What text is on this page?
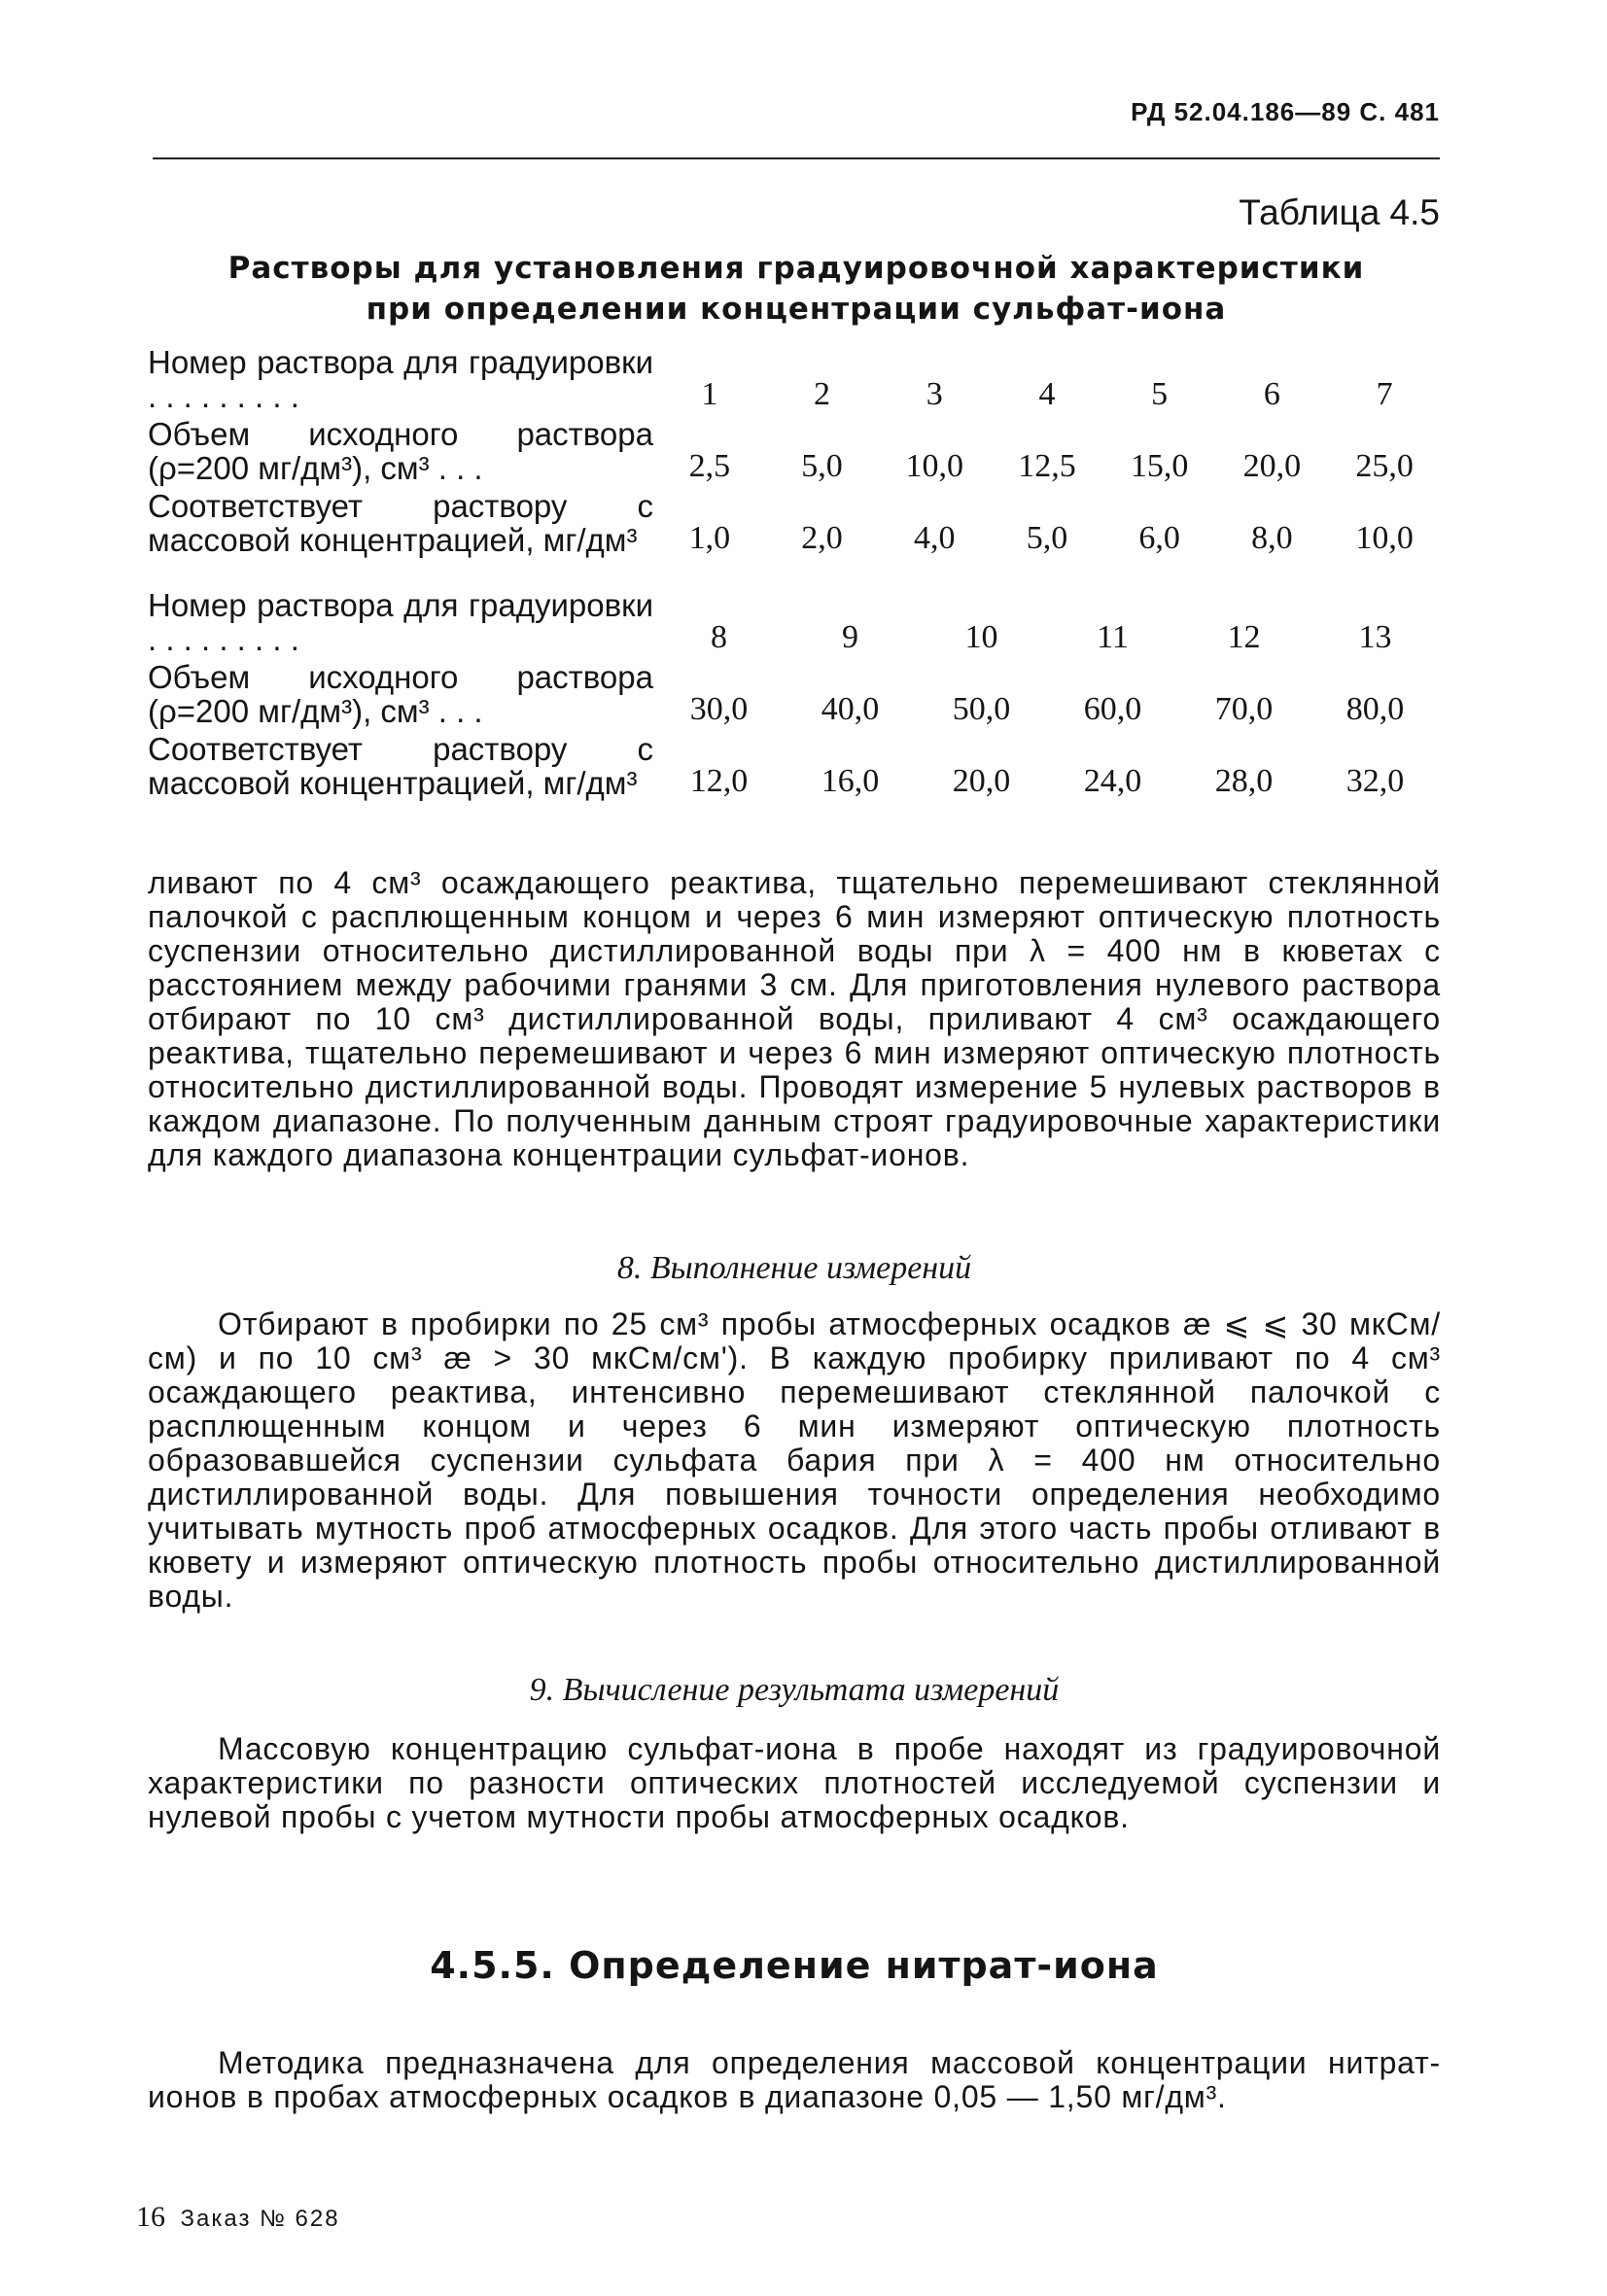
РД 52.04.186—89 С. 481
Таблица 4.5
Растворы для установления градуировочной характеристики
при определении концентрации сульфат-иона
Номер раствора для градуировки . . . . . . . . .	1	2	3	4	5	6	7
Объем исходного раствора (ρ=200 мг/дм³), см³ . . .	2,5	5,0	10,0	12,5	15,0	20,0	25,0
Соответствует раствору с массовой концентрацией, мг/дм³	1,0	2,0	4,0	5,0	6,0	8,0	10,0
Номер раствора для градуировки . . . . . . . . .	8	9	10	11	12	13
Объем исходного раствора (ρ=200 мг/дм³), см³ . . .	30,0	40,0	50,0	60,0	70,0	80,0
Соответствует раствору с массовой концентрацией, мг/дм³	12,0	16,0	20,0	24,0	28,0	32,0

ливают по 4 см³ осаждающего реактива, тщательно перемешивают стеклянной палочкой с расплющенным концом и через 6 мин измеряют оптическую плотность суспензии относительно дистиллированной воды при λ = 400 нм в кюветах с расстоянием между рабочими гранями 3 см. Для приготовления нулевого раствора отбирают по 10 см³ дистиллированной воды, приливают 4 см³ осаждающего реактива, тщательно перемешивают и через 6 мин измеряют оптическую плотность относительно дистиллированной воды. Проводят измерение 5 нулевых растворов в каждом диапазоне. По полученным данным строят градуировочные характеристики для каждого диапазона концентрации сульфат-ионов.

8. Выполнение измерений

Отбирают в пробирки по 25 см³ пробы атмосферных осадков æ ⩽ ⩽ 30 мкСм/см) и по 10 см³ æ > 30 мкСм/см'). В каждую пробирку приливают по 4 см³ осаждающего реактива, интенсивно перемешивают стеклянной палочкой с расплющенным концом и через 6 мин измеряют оптическую плотность образовавшейся суспензии сульфата бария при λ = 400 нм относительно дистиллированной воды. Для повышения точности определения необходимо учитывать мутность проб атмосферных осадков. Для этого часть пробы отливают в кювету и измеряют оптическую плотность пробы относительно дистиллированной воды.

9. Вычисление результата измерений

Массовую концентрацию сульфат-иона в пробе находят из градуировочной характеристики по разности оптических плотностей исследуемой суспензии и нулевой пробы с учетом мутности пробы атмосферных осадков.

4.5.5. Определение нитрат-иона

Методика предназначена для определения массовой концентрации нитрат-ионов в пробах атмосферных осадков в диапазоне 0,05 — 1,50 мг/дм³.

16 Заказ № 628
